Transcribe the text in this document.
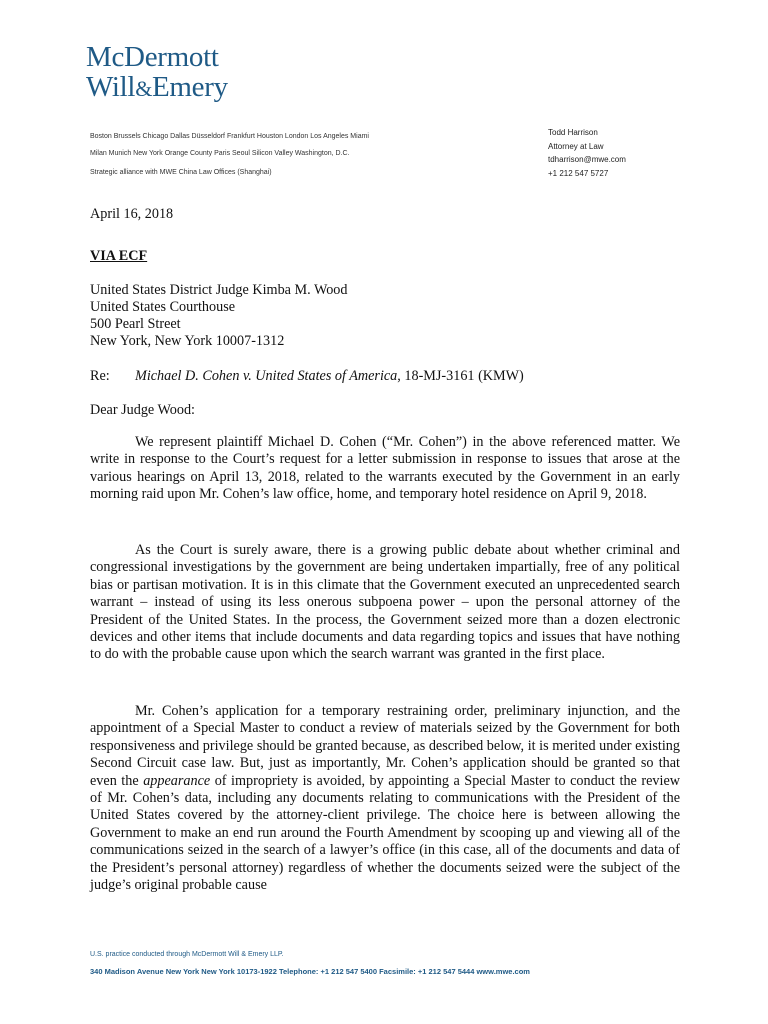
McDermott
Will&Emery
Boston Brussels Chicago Dallas Düsseldorf Frankfurt Houston London Los Angeles Miami
Milan Munich New York Orange County Paris Seoul Silicon Valley Washington, D.C.
Strategic alliance with MWE China Law Offices (Shanghai)
Todd Harrison
Attorney at Law
tdharrison@mwe.com
+1 212 547 5727
April 16, 2018
VIA ECF
United States District Judge Kimba M. Wood
United States Courthouse
500 Pearl Street
New York, New York 10007-1312
Re: Michael D. Cohen v. United States of America, 18-MJ-3161 (KMW)
Dear Judge Wood:
We represent plaintiff Michael D. Cohen (“Mr. Cohen”) in the above referenced matter. We write in response to the Court’s request for a letter submission in response to issues that arose at the various hearings on April 13, 2018, related to the warrants executed by the Government in an early morning raid upon Mr. Cohen’s law office, home, and temporary hotel residence on April 9, 2018.
As the Court is surely aware, there is a growing public debate about whether criminal and congressional investigations by the government are being undertaken impartially, free of any political bias or partisan motivation. It is in this climate that the Government executed an unprecedented search warrant – instead of using its less onerous subpoena power – upon the personal attorney of the President of the United States. In the process, the Government seized more than a dozen electronic devices and other items that include documents and data regarding topics and issues that have nothing to do with the probable cause upon which the search warrant was granted in the first place.
Mr. Cohen’s application for a temporary restraining order, preliminary injunction, and the appointment of a Special Master to conduct a review of materials seized by the Government for both responsiveness and privilege should be granted because, as described below, it is merited under existing Second Circuit case law. But, just as importantly, Mr. Cohen’s application should be granted so that even the appearance of impropriety is avoided, by appointing a Special Master to conduct the review of Mr. Cohen’s data, including any documents relating to communications with the President of the United States covered by the attorney-client privilege. The choice here is between allowing the Government to make an end run around the Fourth Amendment by scooping up and viewing all of the communications seized in the search of a lawyer’s office (in this case, all of the documents and data of the President’s personal attorney) regardless of whether the documents seized were the subject of the judge’s original probable cause
U.S. practice conducted through McDermott Will & Emery LLP.
340 Madison Avenue New York New York 10173-1922 Telephone: +1 212 547 5400 Facsimile: +1 212 547 5444 www.mwe.com
